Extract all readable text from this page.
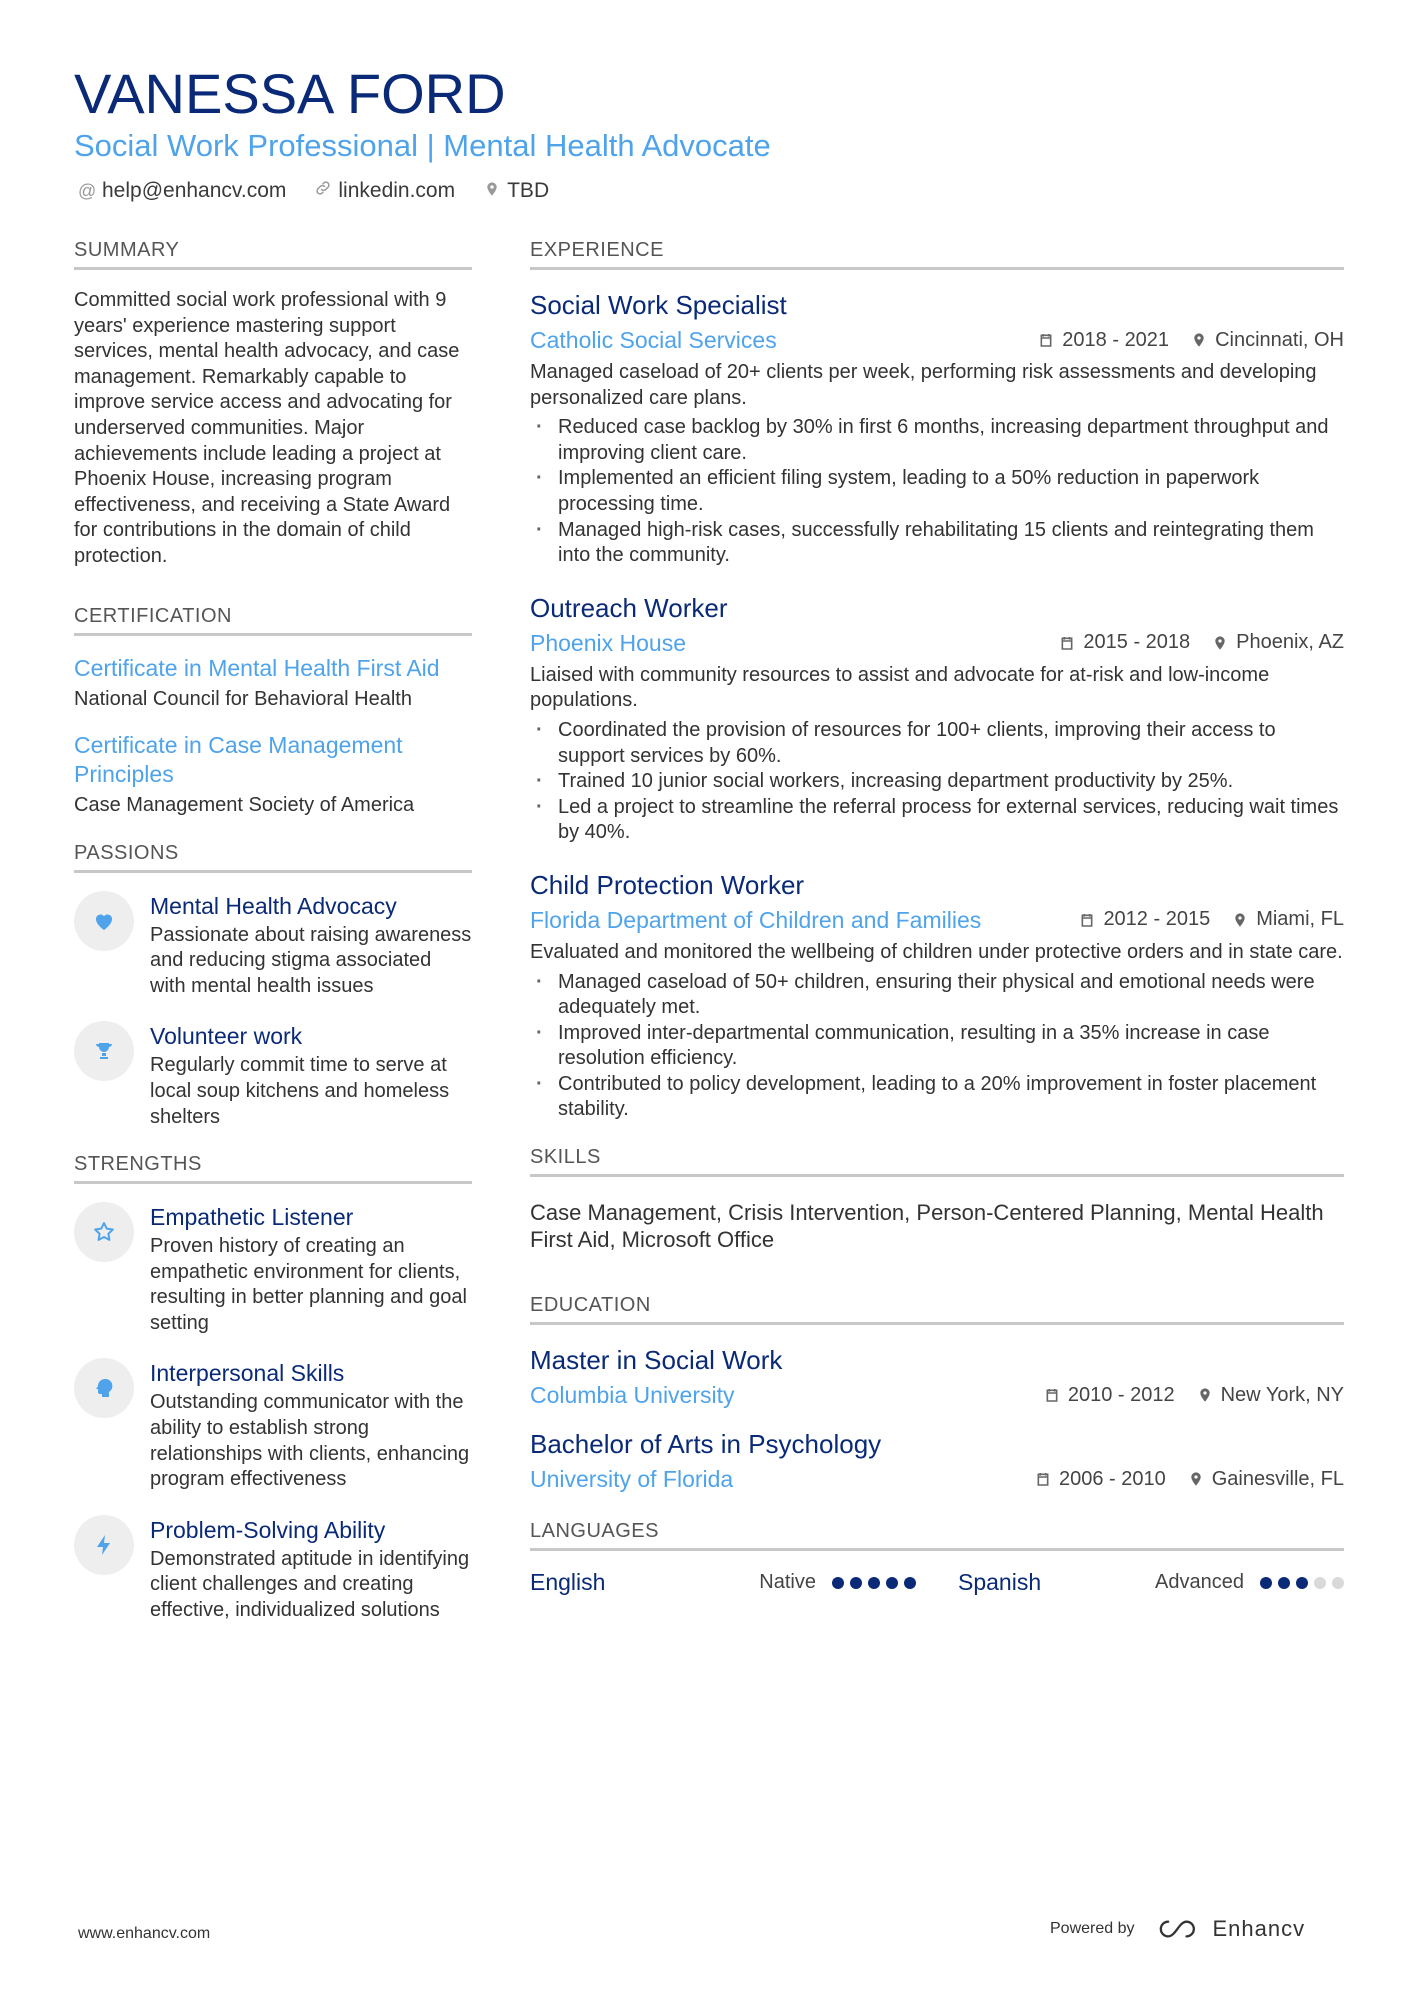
VANESSA FORD
Social Work Professional | Mental Health Advocate
@ help@enhancv.com linkedin.com TBD
SUMMARY
Committed social work professional with 9 years' experience mastering support services, mental health advocacy, and case management. Remarkably capable to improve service access and advocating for underserved communities. Major achievements include leading a project at Phoenix House, increasing program effectiveness, and receiving a State Award for contributions in the domain of child protection.
CERTIFICATION
Certificate in Mental Health First Aid
National Council for Behavioral Health
Certificate in Case Management Principles
Case Management Society of America
PASSIONS
Mental Health Advocacy
Passionate about raising awareness and reducing stigma associated with mental health issues
Volunteer work
Regularly commit time to serve at local soup kitchens and homeless shelters
STRENGTHS
Empathetic Listener
Proven history of creating an empathetic environment for clients, resulting in better planning and goal setting
Interpersonal Skills
Outstanding communicator with the ability to establish strong relationships with clients, enhancing program effectiveness
Problem-Solving Ability
Demonstrated aptitude in identifying client challenges and creating effective, individualized solutions
EXPERIENCE
Social Work Specialist
Catholic Social Services	2018 - 2021 Cincinnati, OH
Managed caseload of 20+ clients per week, performing risk assessments and developing personalized care plans.
· Reduced case backlog by 30% in first 6 months, increasing department throughput and improving client care.
· Implemented an efficient filing system, leading to a 50% reduction in paperwork processing time.
· Managed high-risk cases, successfully rehabilitating 15 clients and reintegrating them into the community.
Outreach Worker
Phoenix House	2015 - 2018 Phoenix, AZ
Liaised with community resources to assist and advocate for at-risk and low-income populations.
· Coordinated the provision of resources for 100+ clients, improving their access to support services by 60%.
· Trained 10 junior social workers, increasing department productivity by 25%.
· Led a project to streamline the referral process for external services, reducing wait times by 40%.
Child Protection Worker
Florida Department of Children and Families	2012 - 2015 Miami, FL
Evaluated and monitored the wellbeing of children under protective orders and in state care.
· Managed caseload of 50+ children, ensuring their physical and emotional needs were adequately met.
· Improved inter-departmental communication, resulting in a 35% increase in case resolution efficiency.
· Contributed to policy development, leading to a 20% improvement in foster placement stability.
SKILLS
Case Management, Crisis Intervention, Person-Centered Planning, Mental Health First Aid, Microsoft Office
EDUCATION
Master in Social Work
Columbia University	2010 - 2012 New York, NY
Bachelor of Arts in Psychology
University of Florida	2006 - 2010 Gainesville, FL
LANGUAGES
English	Native	Spanish	Advanced
www.enhancv.com	Powered by	Enhancv
